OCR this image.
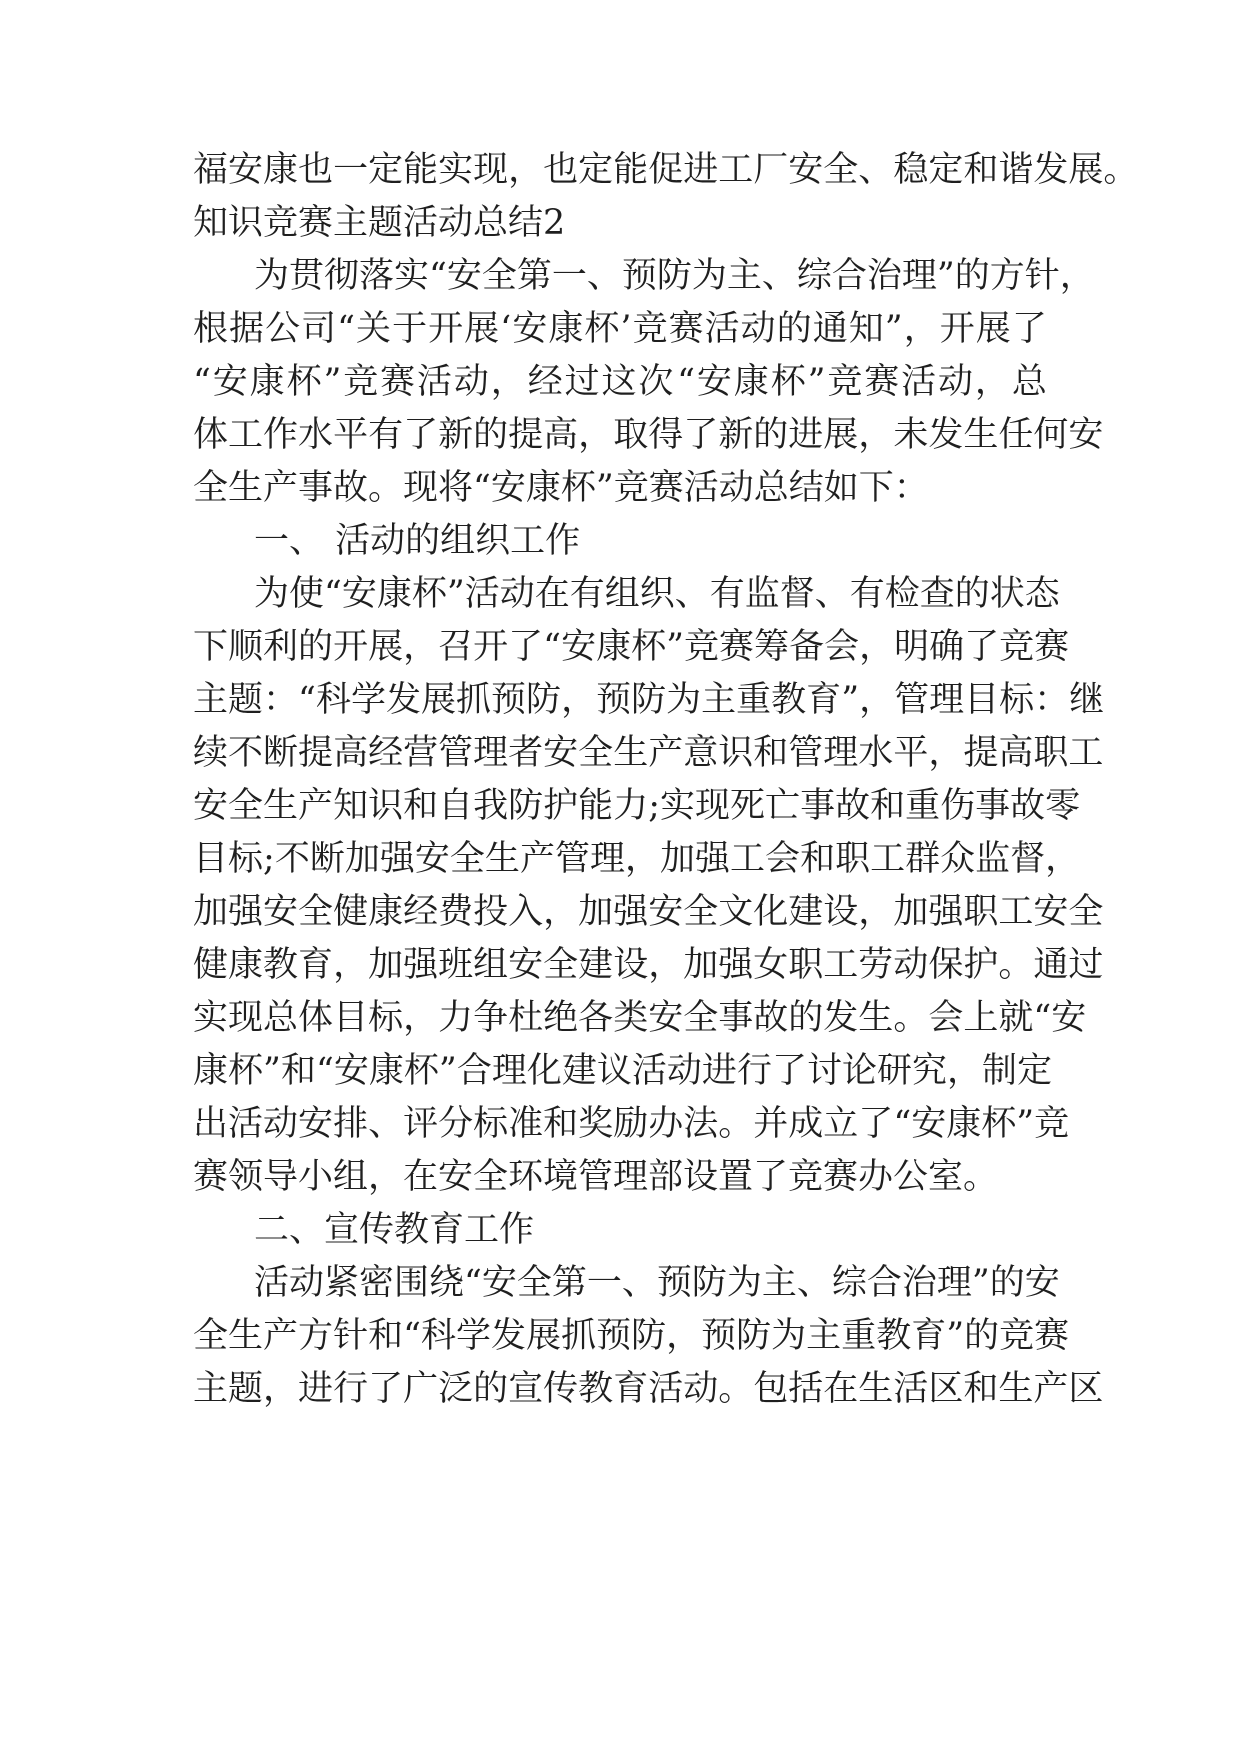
福 安 康 也 一 定 能 实 现 ， 也 定 能 促 进 工 厂 安 全 、 稳 定 和 谐 发 展 。

知识竞赛主题活动总结2

为贯彻落实“安全第一、预防为主、综合治理”的方针，

根 据 公 司 “ 关 于 开 展 ‘ 安 康 杯 ’ 竞 赛 活 动 的 通 知 ” ， 开 展 了

“ 安 康 杯 ” 竞 赛 活 动 ， 经 过 这 次 “ 安 康 杯 ” 竞 赛 活 动 ， 总

体 工 作 水 平 有 了 新 的 提 高 ， 取 得 了 新 的 进 展 ， 未 发 生 任 何 安

全生产事故。现将“安康杯”竞赛活动总结如下：

一、 活动的组织工作

为使“安康杯”活动在有组织、有监督、有检查的状态

下 顺 利 的 开 展 ， 召 开 了 “ 安 康 杯 ” 竞 赛 筹 备 会 ， 明 确 了 竞 赛

主 题 ： “ 科 学 发 展 抓 预 防 ， 预 防 为 主 重 教 育 ” ， 管 理 目 标 ： 继

续 不 断 提 高 经 营 管 理 者 安 全 生 产 意 识 和 管 理 水 平 ， 提 高 职 工

安 全 生 产 知 识 和 自 我 防 护 能 力 ; 实 现 死 亡 事 故 和 重 伤 事 故 零

目 标 ; 不 断 加 强 安 全 生 产 管 理 ， 加 强 工 会 和 职 工 群 众 监 督 ，

加 强 安 全 健 康 经 费 投 入 ， 加 强 安 全 文 化 建 设 ， 加 强 职 工 安 全

健 康 教 育 ， 加 强 班 组 安 全 建 设 ， 加 强 女 职 工 劳 动 保 护 。 通 过

实 现 总 体 目 标 ， 力 争 杜 绝 各 类 安 全 事 故 的 发 生 。 会 上 就 “ 安

康 杯 ” 和 “ 安 康 杯 ” 合 理 化 建 议 活 动 进 行 了 讨 论 研 究 ， 制 定

出 活 动 安 排 、 评 分 标 准 和 奖 励 办 法 。 并 成 立 了 “ 安 康 杯 ” 竞

赛领导小组，在安全环境管理部设置了竞赛办公室。

二、宣传教育工作

活动紧密围绕“安全第一、预防为主、综合治理”的安

全 生 产 方 针 和 “ 科 学 发 展 抓 预 防 ， 预 防 为 主 重 教 育 ” 的 竞 赛

主 题 ， 进 行 了 广 泛 的 宣 传 教 育 活 动 。 包 括 在 生 活 区 和 生 产 区
